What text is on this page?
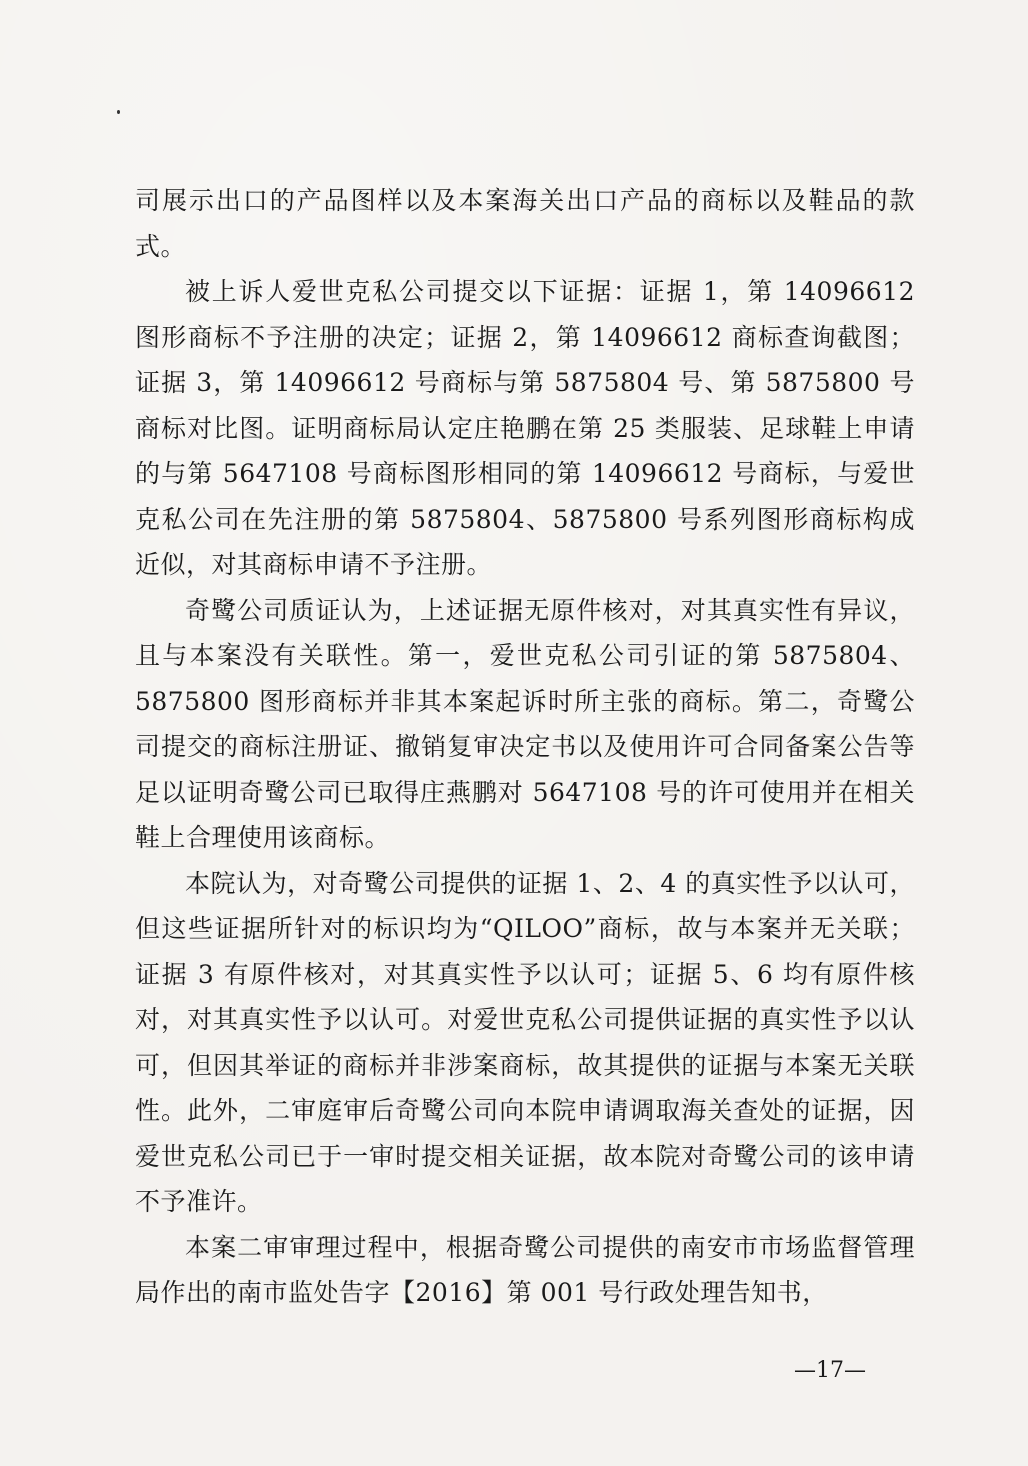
司展示出口的产品图样以及本案海关出口产品的商标以及鞋品的款式。

被上诉人爱世克私公司提交以下证据：证据 1，第 14096612 图形商标不予注册的决定；证据 2，第 14096612 商标查询截图；证据 3，第 14096612 号商标与第 5875804 号、第 5875800 号商标对比图。证明商标局认定庄艳鹏在第 25 类服装、足球鞋上申请的与第 5647108 号商标图形相同的第 14096612 号商标，与爱世克私公司在先注册的第 5875804、5875800 号系列图形商标构成近似，对其商标申请不予注册。

奇鹭公司质证认为，上述证据无原件核对，对其真实性有异议，且与本案没有关联性。第一，爱世克私公司引证的第 5875804、5875800 图形商标并非其本案起诉时所主张的商标。第二，奇鹭公司提交的商标注册证、撤销复审决定书以及使用许可合同备案公告等足以证明奇鹭公司已取得庄燕鹏对 5647108 号的许可使用并在相关鞋上合理使用该商标。

本院认为，对奇鹭公司提供的证据 1、2、4 的真实性予以认可，但这些证据所针对的标识均为“QILOO”商标，故与本案并无关联；证据 3 有原件核对，对其真实性予以认可；证据 5、6 均有原件核对，对其真实性予以认可。对爱世克私公司提供证据的真实性予以认可，但因其举证的商标并非涉案商标，故其提供的证据与本案无关联性。此外，二审庭审后奇鹭公司向本院申请调取海关查处的证据，因爱世克私公司已于一审时提交相关证据，故本院对奇鹭公司的该申请不予准许。

本案二审审理过程中，根据奇鹭公司提供的南安市市场监督管理局作出的南市监处告字【2016】第 001 号行政处理告知书，

—17—
